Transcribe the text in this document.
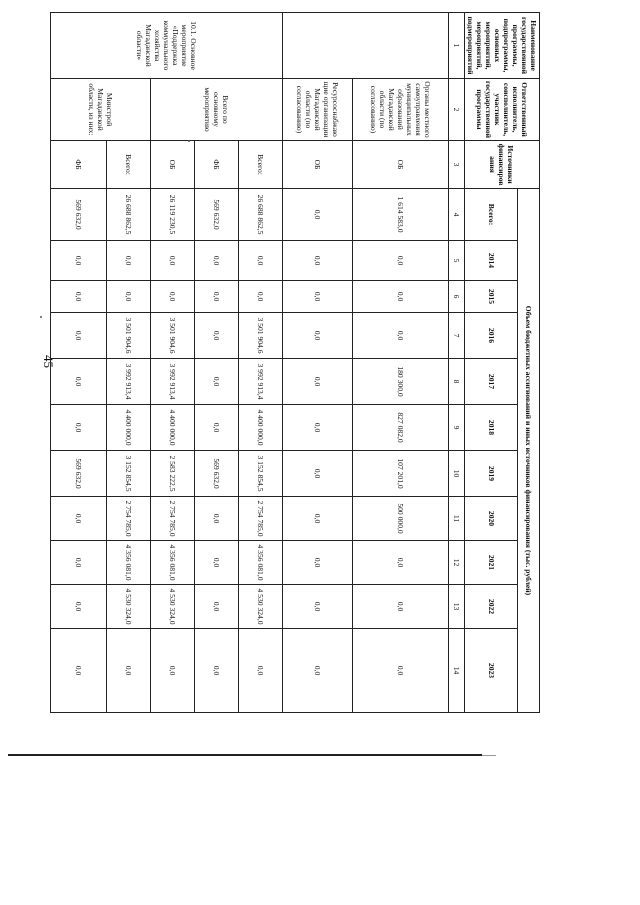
45
Наименование государственной программы, подпрограммы, основных мероприятий, мероприятий, подмероприятий	Ответственный исполнитель, соисполнитель, участник государственной программы	Источники финансирования	Объем бюджетных ассигнований и иных источников финансирования (тыс. рублей)										
			Всего:	2014	2015	2016	2017	2018	2019	2020	2021	2022	2023
1	2	3	4	5	6	7	8	9	10	11	12	13	14
	Органы местного самоуправления муниципальных образований Магаданской области (по согласованию)	ОБ	1 614 583,0	0,0	0,0	0,0	180 300,0	827 082,0	107 201,0	500 000,0	0,0	0,0	0,0
	Ресурсоснабжающие организации Магаданской области (по согласованию)	ОБ	0,0	0,0	0,0	0,0	0,0	0,0	0,0	0,0	0,0	0,0	0,0
10.1. Основное мероприятие «Поддержка коммунального хозяйства Магаданской области»	Всего по основному мероприятию	Всего:	26 688 862,5	0,0	0,0	3 501 904,6	3 992 913,4	4 400 000,0	3 152 854,5	2 754 785,0	4 356 081,0	4 530 324,0	0,0
		ФБ	569 632,0	0,0	0,0	0,0	0,0	0,0	569 632,0	0,0	0,0	0,0	0,0
		ОБ	26 119 230,5	0,0	0,0	3 501 904,6	3 992 913,4	4 400 000,0	2 583 222,5	2 754 785,0	4 356 081,0	4 530 324,0	0,0
	Минстрой Магаданской области, из них:	Всего:	26 688 862,5	0,0	0,0	3 501 904,6	3 992 913,4	4 400 000,0	3 152 854,5	2 754 785,0	4 356 081,0	4 530 324,0	0,0
		ФБ	569 632,0	0,0	0,0	0,0	0,0	0,0	569 632,0	0,0	0,0	0,0	0,0
